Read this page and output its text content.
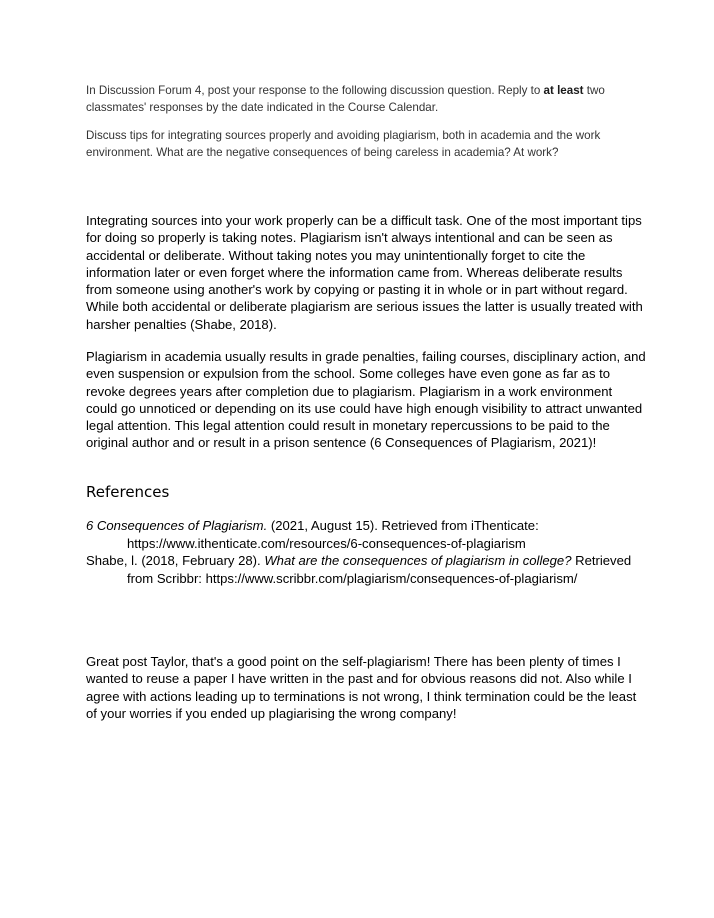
In Discussion Forum 4, post your response to the following discussion question. Reply to at least two classmates' responses by the date indicated in the Course Calendar.

Discuss tips for integrating sources properly and avoiding plagiarism, both in academia and the work environment. What are the negative consequences of being careless in academia? At work?

Integrating sources into your work properly can be a difficult task. One of the most important tips for doing so properly is taking notes. Plagiarism isn't always intentional and can be seen as accidental or deliberate. Without taking notes you may unintentionally forget to cite the information later or even forget where the information came from. Whereas deliberate results from someone using another's work by copying or pasting it in whole or in part without regard. While both accidental or deliberate plagiarism are serious issues the latter is usually treated with harsher penalties (Shabe, 2018).

Plagiarism in academia usually results in grade penalties, failing courses, disciplinary action, and even suspension or expulsion from the school. Some colleges have even gone as far as to revoke degrees years after completion due to plagiarism. Plagiarism in a work environment could go unnoticed or depending on its use could have high enough visibility to attract unwanted legal attention. This legal attention could result in monetary repercussions to be paid to the original author and or result in a prison sentence (6 Consequences of Plagiarism, 2021)!

References

6 Consequences of Plagiarism. (2021, August 15). Retrieved from iThenticate: https://www.ithenticate.com/resources/6-consequences-of-plagiarism

Shabe, l. (2018, February 28). What are the consequences of plagiarism in college? Retrieved from Scribbr: https://www.scribbr.com/plagiarism/consequences-of-plagiarism/

Great post Taylor, that's a good point on the self-plagiarism! There has been plenty of times I wanted to reuse a paper I have written in the past and for obvious reasons did not. Also while I agree with actions leading up to terminations is not wrong, I think termination could be the least of your worries if you ended up plagiarising the wrong company!
